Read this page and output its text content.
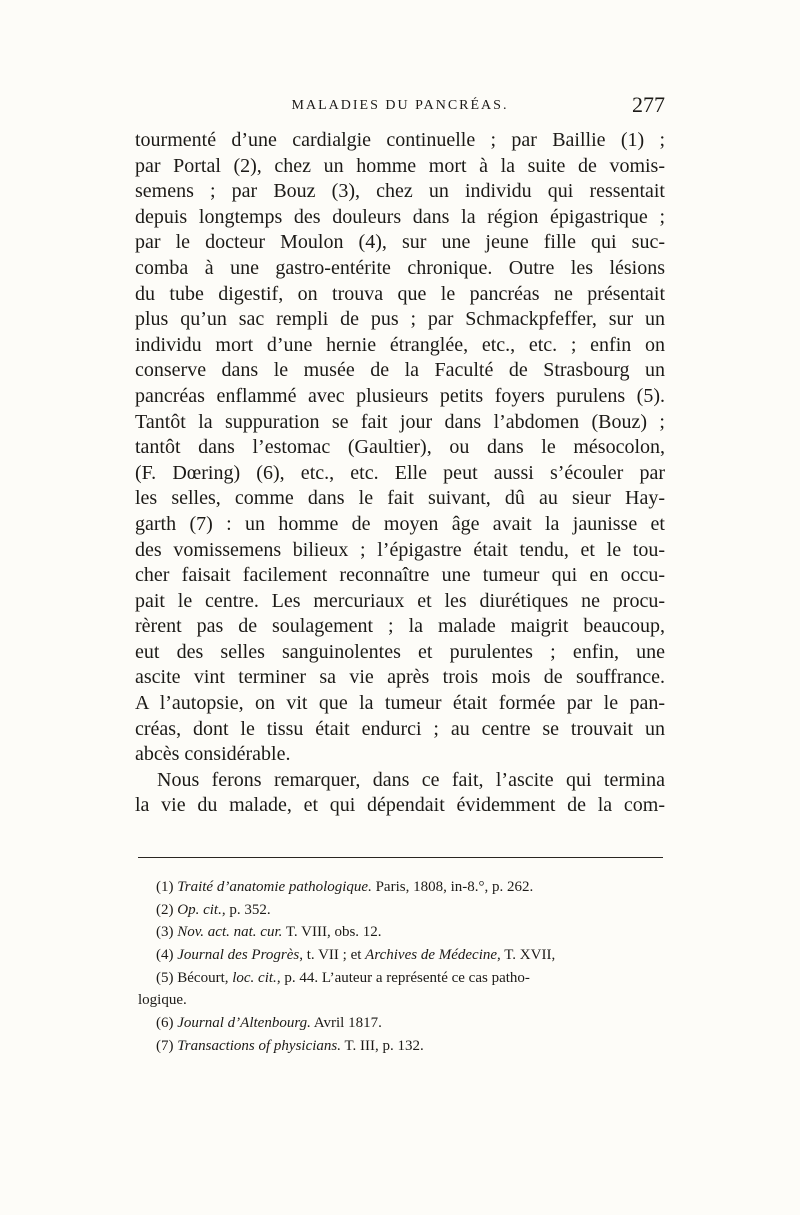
MALADIES DU PANCRÉAS.	277
tourmenté d’une cardialgie continuelle ; par Baillie (1) ;
par Portal (2), chez un homme mort à la suite de vomis-
semens ; par Bouz (3), chez un individu qui ressentait
depuis longtemps des douleurs dans la région épigastrique ;
par le docteur Moulon (4), sur une jeune fille qui suc-
comba à une gastro-entérite chronique. Outre les lésions
du tube digestif, on trouva que le pancréas ne présentait
plus qu’un sac rempli de pus ; par Schmackpfeffer, sur un
individu mort d’une hernie étranglée, etc., etc. ; enfin on
conserve dans le musée de la Faculté de Strasbourg un
pancréas enflammé avec plusieurs petits foyers purulens (5).
Tantôt la suppuration se fait jour dans l’abdomen (Bouz) ;
tantôt dans l’estomac (Gaultier), ou dans le mésocolon,
(F. Dœring) (6), etc., etc. Elle peut aussi s’écouler par
les selles, comme dans le fait suivant, dû au sieur Hay-
garth (7) : un homme de moyen âge avait la jaunisse et
des vomissemens bilieux ; l’épigastre était tendu, et le tou-
cher faisait facilement reconnaître une tumeur qui en occu-
pait le centre. Les mercuriaux et les diurétiques ne procu-
rèrent pas de soulagement ; la malade maigrit beaucoup,
eut des selles sanguinolentes et purulentes ; enfin, une
ascite vint terminer sa vie après trois mois de souffrance.
A l’autopsie, on vit que la tumeur était formée par le pan-
créas, dont le tissu était endurci ; au centre se trouvait un
abcès considérable.
Nous ferons remarquer, dans ce fait, l’ascite qui termina
la vie du malade, et qui dépendait évidemment de la com-
(1) Traité d’anatomie pathologique. Paris, 1808, in-8.°, p. 262.
(2) Op. cit., p. 352.
(3) Nov. act. nat. cur. T. VIII, obs. 12.
(4) Journal des Progrès, t. VII ; et Archives de Médecine, T. XVII,
(5) Bécourt, loc. cit., p. 44. L’auteur a représenté ce cas patho-
logique.
(6) Journal d’Altenbourg. Avril 1817.
(7) Transactions of physicians. T. III, p. 132.
